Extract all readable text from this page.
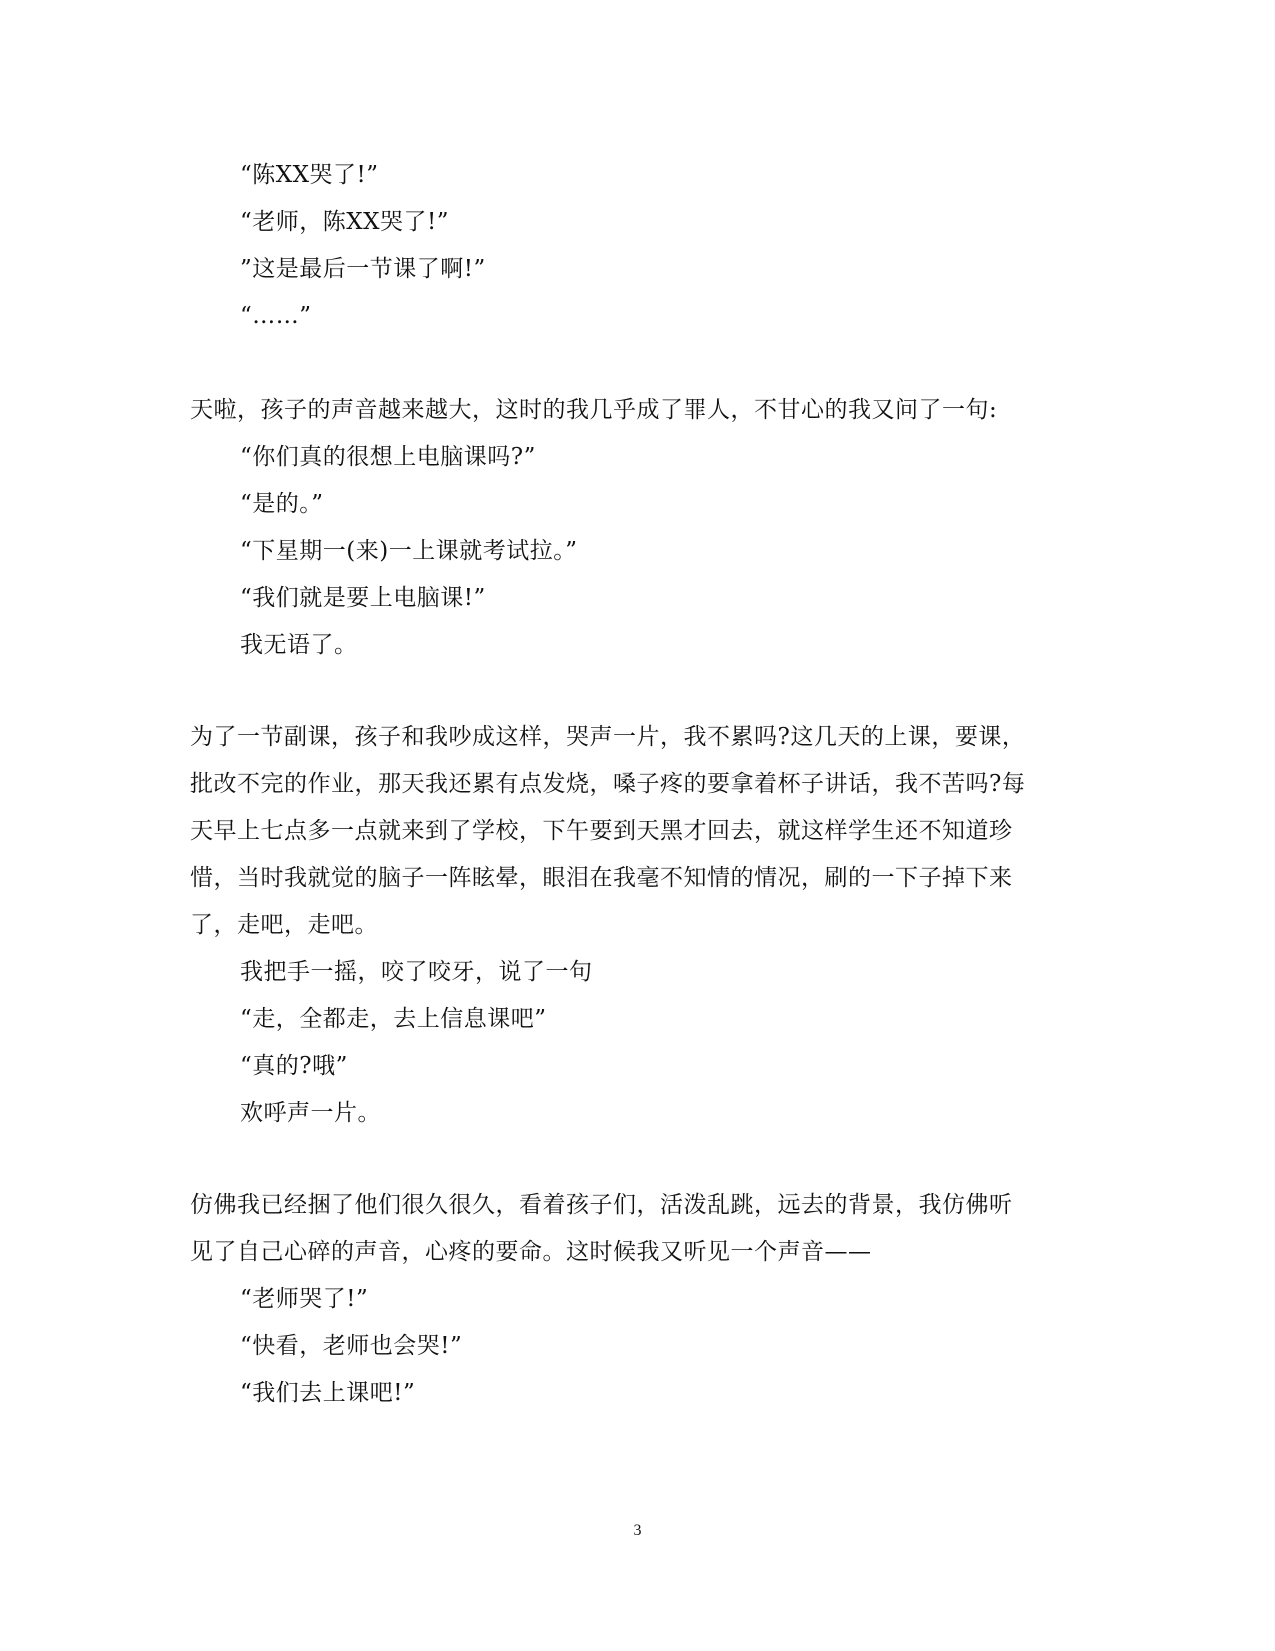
“陈XX哭了!”
“老师，陈XX哭了!”
”这是最后一节课了啊!”
“……”
天啦，孩子的声音越来越大，这时的我几乎成了罪人，不甘心的我又问了一句:
“你们真的很想上电脑课吗?”
“是的。”
“下星期一(来)一上课就考试拉。”
“我们就是要上电脑课!”
我无语了。
为了一节副课，孩子和我吵成这样，哭声一片，我不累吗?这几天的上课，要课，
批改不完的作业，那天我还累有点发烧，嗓子疼的要拿着杯子讲话，我不苦吗?每
天早上七点多一点就来到了学校，下午要到天黑才回去，就这样学生还不知道珍
惜，当时我就觉的脑子一阵眩晕，眼泪在我毫不知情的情况，刷的一下子掉下来
了，走吧，走吧。
我把手一摇，咬了咬牙，说了一句
“走，全都走，去上信息课吧”
“真的?哦”
欢呼声一片。
仿佛我已经捆了他们很久很久，看着孩子们，活泼乱跳，远去的背景，我仿佛听
见了自己心碎的声音，心疼的要命。这时候我又听见一个声音——
“老师哭了!”
“快看，老师也会哭!”
“我们去上课吧!”
3
